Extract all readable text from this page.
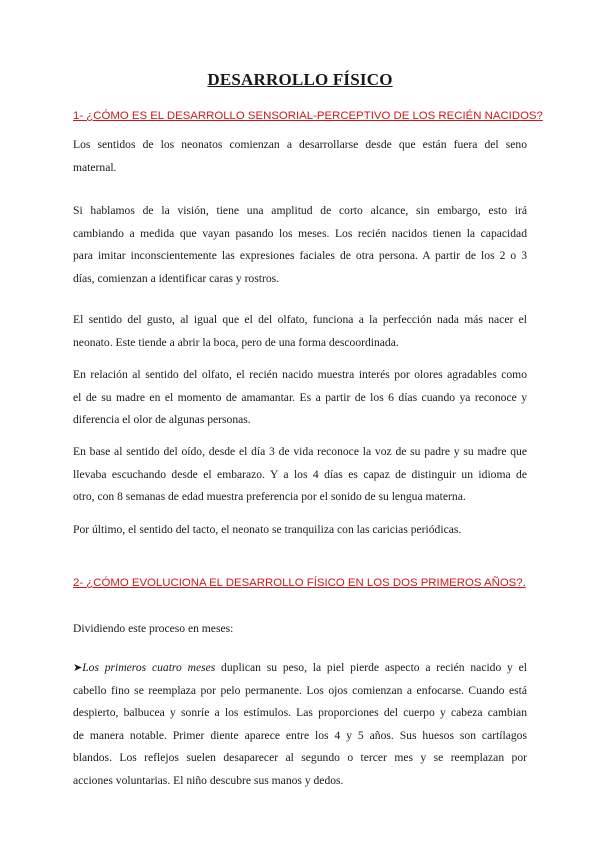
DESARROLLO FÍSICO
1- ¿CÓMO ES EL DESARROLLO SENSORIAL-PERCEPTIVO DE LOS RECIÉN NACIDOS?
Los sentidos de los neonatos comienzan a desarrollarse desde que están fuera del seno
maternal.
Si hablamos de la visión, tiene una amplitud de corto alcance, sin embargo, esto irá
cambiando a medida que vayan pasando los meses. Los recién nacidos tienen la capacidad
para imitar inconscientemente las expresiones faciales de otra persona. A partir de los 2 o 3
días, comienzan a identificar caras y rostros.
El sentido del gusto, al igual que el del olfato, funciona a la perfección nada más nacer el
neonato. Este tiende a abrir la boca, pero de una forma descoordinada.
En relación al sentido del olfato, el recién nacido muestra interés por olores agradables como
el de su madre en el momento de amamantar. Es a partir de los 6 días cuando ya reconoce y
diferencia el olor de algunas personas.
En base al sentido del oído, desde el día 3 de vida reconoce la voz de su padre y su madre que
llevaba escuchando desde el embarazo. Y a los 4 días es capaz de distinguir un idioma de
otro, con 8 semanas de edad muestra preferencia por el sonido de su lengua materna.
Por último, el sentido del tacto, el neonato se tranquiliza con las caricias periódicas.
2- ¿CÓMO EVOLUCIONA EL DESARROLLO FÍSICO EN LOS DOS PRIMEROS AÑOS?.
Dividiendo este proceso en meses:
➤Los primeros cuatro meses duplican su peso, la piel pierde aspecto a recién nacido y el
cabello fino se reemplaza por pelo permanente. Los ojos comienzan a enfocarse. Cuando está
despierto, balbucea y sonríe a los estímulos. Las proporciones del cuerpo y cabeza cambian
de manera notable. Primer diente aparece entre los 4 y 5 años. Sus huesos son cartílagos
blandos. Los reflejos suelen desaparecer al segundo o tercer mes y se reemplazan por
acciones voluntarias. El niño descubre sus manos y dedos.
